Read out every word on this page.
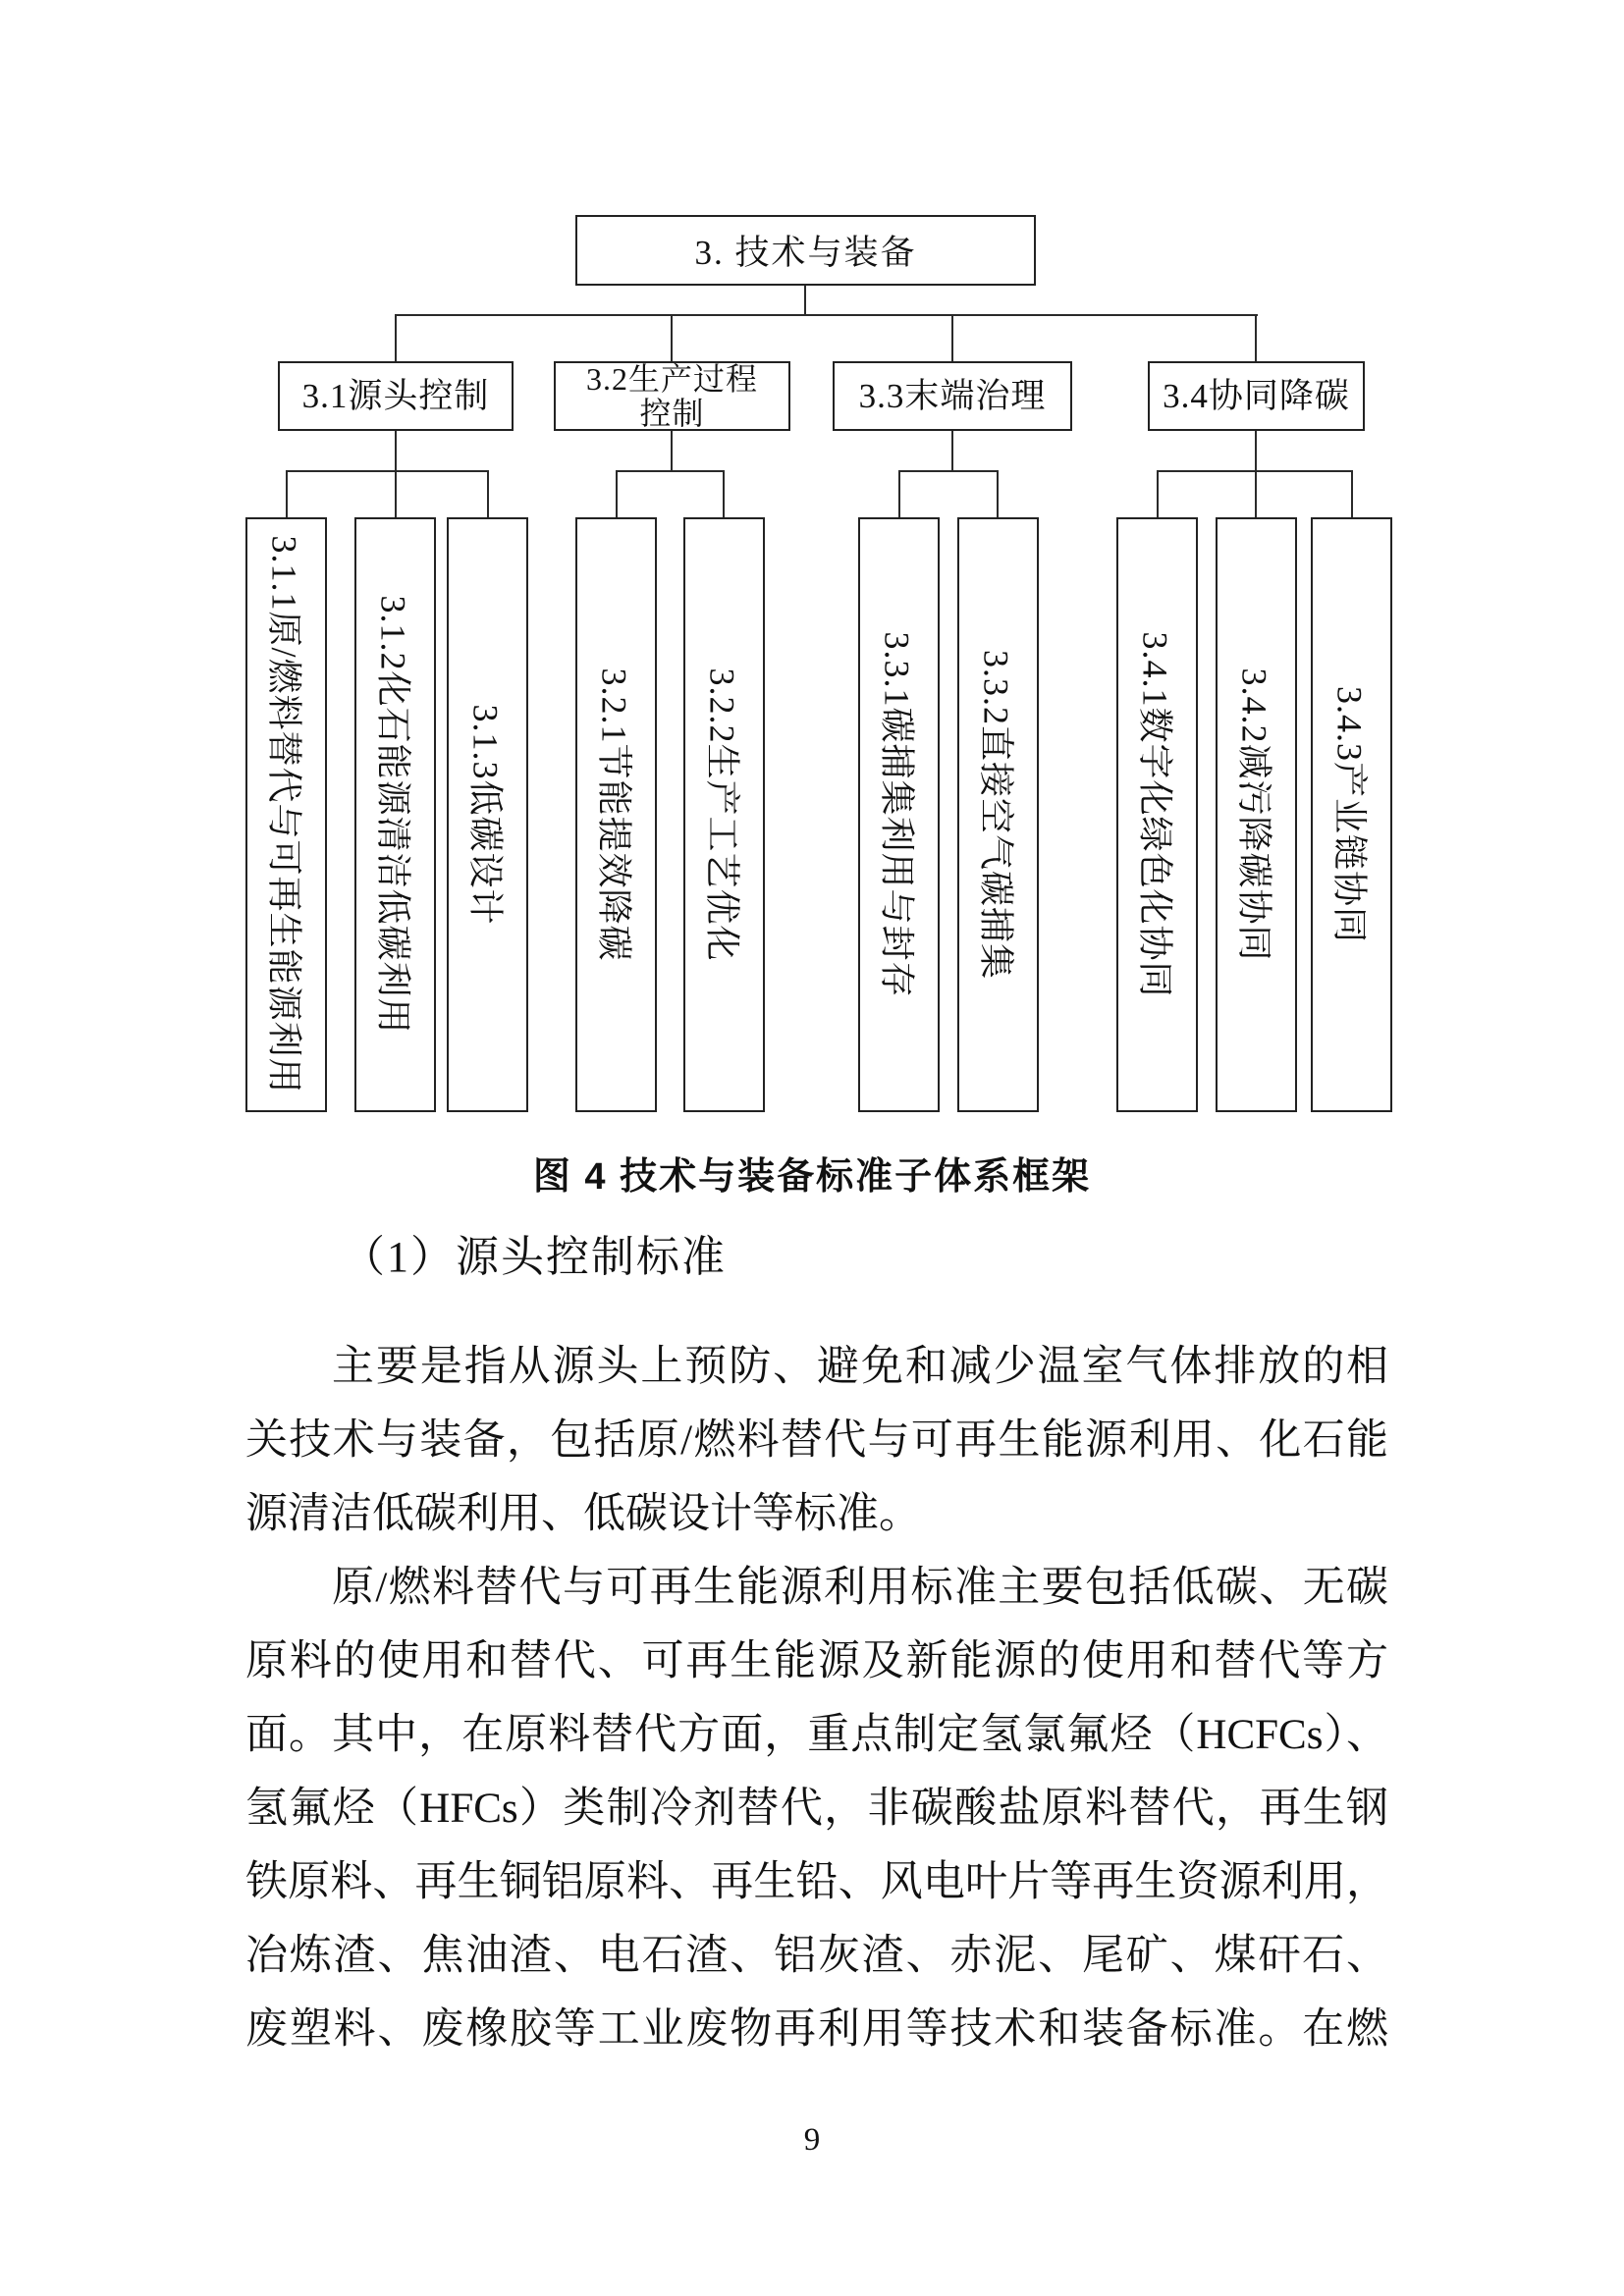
3. 技术与装备
3.1源头控制	3.2生产过程
控制	3.3末端治理	3.4协同降碳
3.1.1原/燃料替代与可再生能源利用 3.1.2化石能源清洁低碳利用 3.1.3低碳设计	3.2.1节能提效降碳 3.2.2生产工艺优化	3.3.1碳捕集利用与封存 3.3.2直接空气碳捕集	3.4.1数字化绿色化协同 3.4.2减污降碳协同 3.4.3产业链协同
图 4 技术与装备标准子体系框架
（1）源头控制标准
主要是指从源头上预防、避免和减少温室气体排放的相
关技术与装备，包括原/燃料替代与可再生能源利用、化石能
源清洁低碳利用、低碳设计等标准。
原/燃料替代与可再生能源利用标准主要包括低碳、无碳
原料的使用和替代、可再生能源及新能源的使用和替代等方
面。其中，在原料替代方面，重点制定氢氯氟烃（HCFCs）、
氢氟烃（HFCs）类制冷剂替代，非碳酸盐原料替代，再生钢
铁原料、再生铜铝原料、再生铅、风电叶片等再生资源利用，
冶炼渣、焦油渣、电石渣、铝灰渣、赤泥、尾矿、煤矸石、
废塑料、废橡胶等工业废物再利用等技术和装备标准。在燃
9
